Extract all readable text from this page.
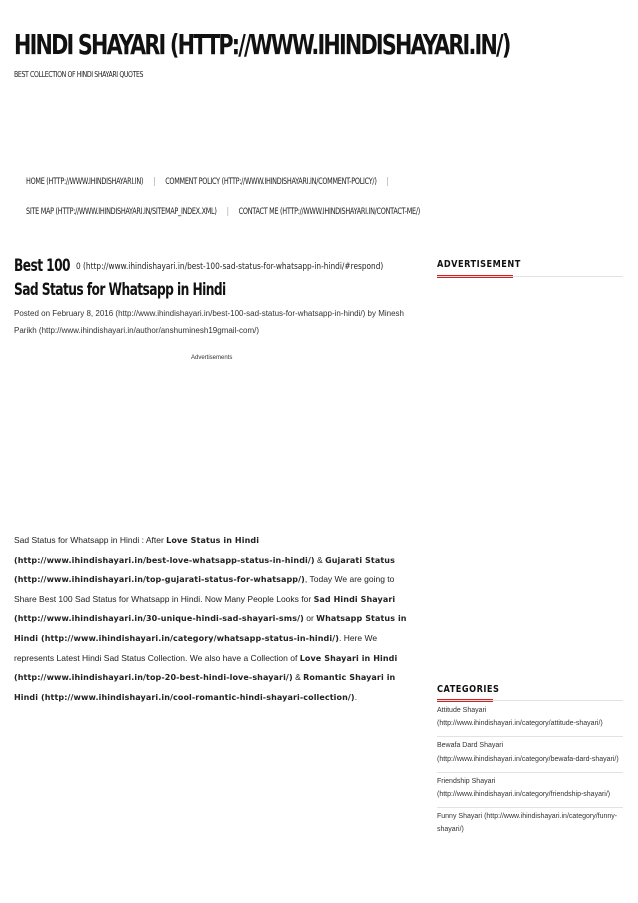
HINDI SHAYARI (HTTP://WWW.IHINDISHAYARI.IN/)
BEST COLLECTION OF HINDI SHAYARI QUOTES
HOME (HTTP://WWW.IHINDISHAYARI.IN) | COMMENT POLICY (HTTP://WWW.IHINDISHAYARI.IN/COMMENT-POLICY/) |
SITE MAP (HTTP://WWW.IHINDISHAYARI.IN/SITEMAP_INDEX.XML) | CONTACT ME (HTTP://WWW.IHINDISHAYARI.IN/CONTACT-ME/)
Best 100 0 (http://www.ihindishayari.in/best-100-sad-status-for-whatsapp-in-hindi/#respond)
Sad Status for Whatsapp in Hindi
Posted on February 8, 2016 (http://www.ihindishayari.in/best-100-sad-status-for-whatsapp-in-hindi/) by Minesh Parikh (http://www.ihindishayari.in/author/anshuminesh19gmail-com/)
Advertisements
Sad Status for Whatsapp in Hindi : After Love Status in Hindi (http://www.ihindishayari.in/best-love-whatsapp-status-in-hindi/) & Gujarati Status (http://www.ihindishayari.in/top-gujarati-status-for-whatsapp/), Today We are going to Share Best 100 Sad Status for Whatsapp in Hindi. Now Many People Looks for Sad Hindi Shayari (http://www.ihindishayari.in/30-unique-hindi-sad-shayari-sms/) or Whatsapp Status in Hindi (http://www.ihindishayari.in/category/whatsapp-status-in-hindi/). Here We represents Latest Hindi Sad Status Collection. We also have a Collection of Love Shayari in Hindi (http://www.ihindishayari.in/top-20-best-hindi-love-shayari/) & Romantic Shayari in Hindi (http://www.ihindishayari.in/cool-romantic-hindi-shayari-collection/).
ADVERTISEMENT
CATEGORIES
Attitude Shayari (http://www.ihindishayari.in/category/attitude-shayari/)
Bewafa Dard Shayari (http://www.ihindishayari.in/category/bewafa-dard-shayari/)
Friendship Shayari (http://www.ihindishayari.in/category/friendship-shayari/)
Funny Shayari (http://www.ihindishayari.in/category/funny-shayari/)
